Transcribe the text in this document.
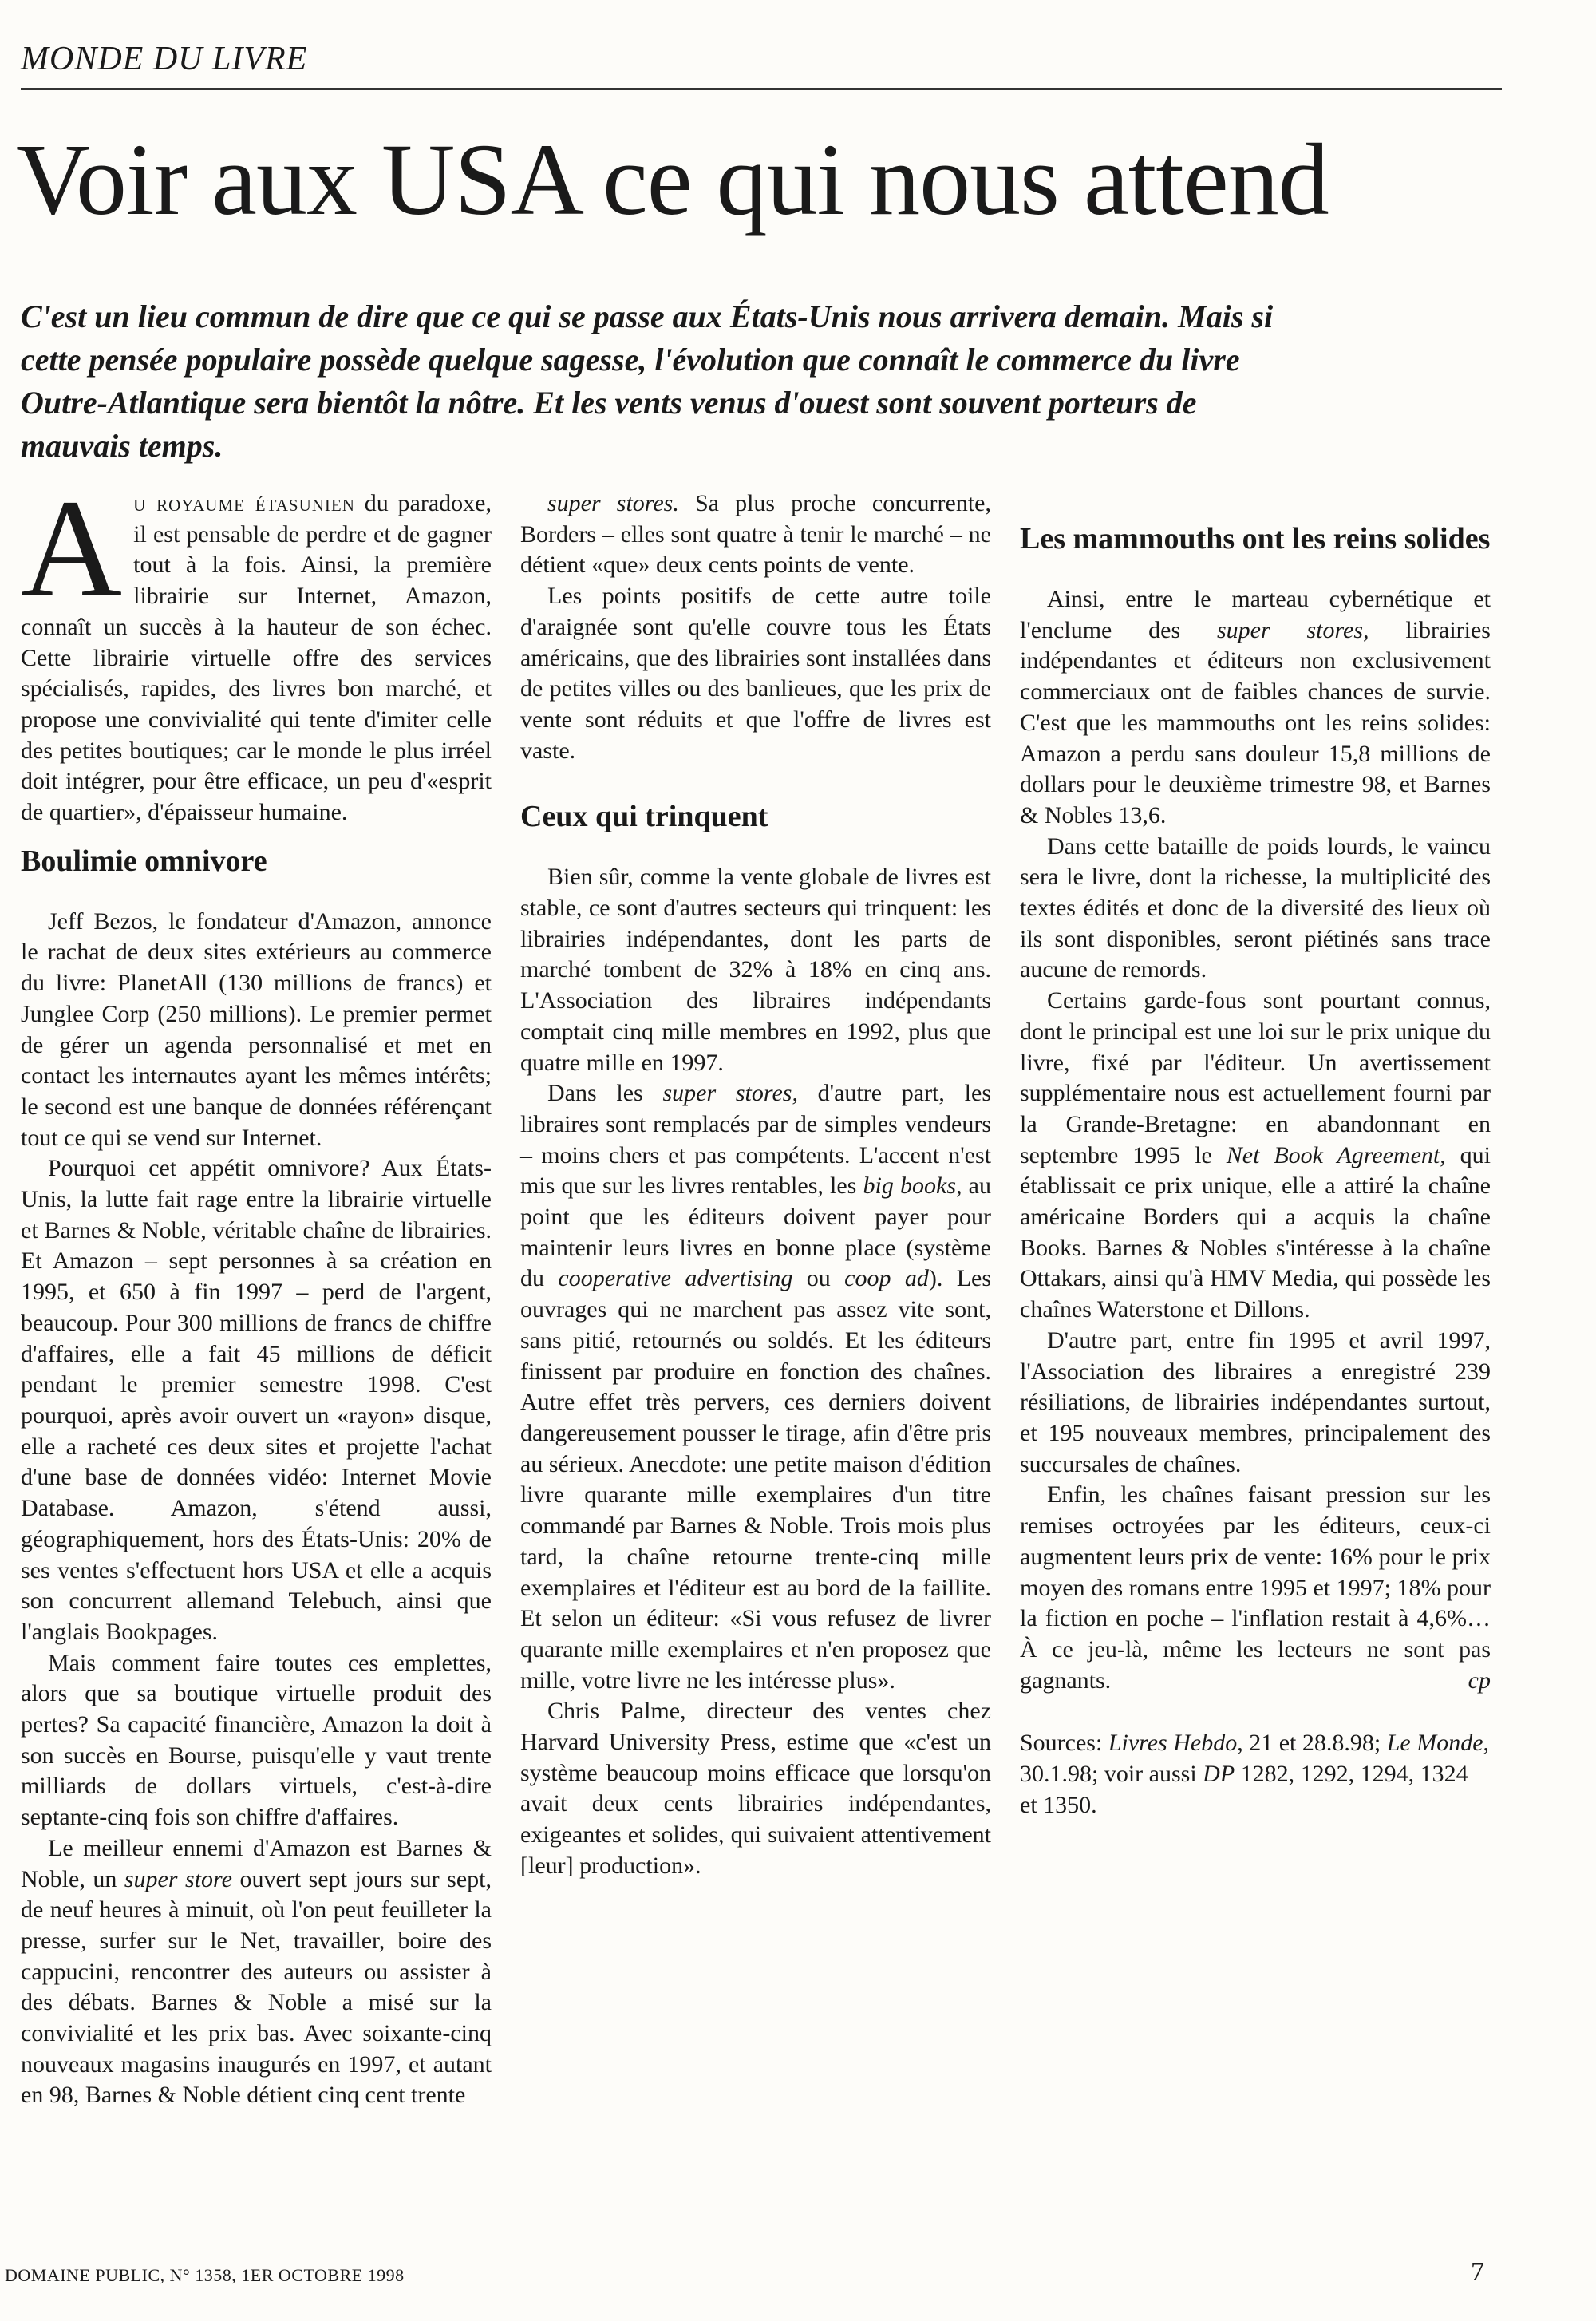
MONDE DU LIVRE
Voir aux USA ce qui nous attend

C'est un lieu commun de dire que ce qui se passe aux États-Unis nous arrivera demain. Mais si cette pensée populaire possède quelque sagesse, l'évolution que connaît le commerce du livre Outre-Atlantique sera bientôt la nôtre. Et les vents venus d'ouest sont souvent porteurs de mauvais temps.

Au royaume étasunien du paradoxe, il est pensable de perdre et de gagner tout à la fois. Ainsi, la première librairie sur Internet, Amazon, connaît un succès à la hauteur de son échec. Cette librairie virtuelle offre des services spécialisés, rapides, des livres bon marché, et propose une convivialité qui tente d'imiter celle des petites boutiques; car le monde le plus irréel doit intégrer, pour être efficace, un peu d'«esprit de quartier», d'épaisseur humaine.

Boulimie omnivore

Jeff Bezos, le fondateur d'Amazon, annonce le rachat de deux sites extérieurs au commerce du livre: PlanetAll (130 millions de francs) et Junglee Corp (250 millions). Le premier permet de gérer un agenda personnalisé et met en contact les internautes ayant les mêmes intérêts; le second est une banque de données référençant tout ce qui se vend sur Internet.

Pourquoi cet appétit omnivore? Aux États-Unis, la lutte fait rage entre la librairie virtuelle et Barnes & Noble, véritable chaîne de librairies. Et Amazon – sept personnes à sa création en 1995, et 650 à fin 1997 – perd de l'argent, beaucoup. Pour 300 millions de francs de chiffre d'affaires, elle a fait 45 millions de déficit pendant le premier semestre 1998. C'est pourquoi, après avoir ouvert un «rayon» disque, elle a racheté ces deux sites et projette l'achat d'une base de données vidéo: Internet Movie Database. Amazon, s'étend aussi, géographiquement, hors des États-Unis: 20% de ses ventes s'effectuent hors USA et elle a acquis son concurrent allemand Telebuch, ainsi que l'anglais Bookpages.

Mais comment faire toutes ces emplettes, alors que sa boutique virtuelle produit des pertes? Sa capacité financière, Amazon la doit à son succès en Bourse, puisqu'elle y vaut trente milliards de dollars virtuels, c'est-à-dire septante-cinq fois son chiffre d'affaires.

Le meilleur ennemi d'Amazon est Barnes & Noble, un super store ouvert sept jours sur sept, de neuf heures à minuit, où l'on peut feuilleter la presse, surfer sur le Net, travailler, boire des cappucini, rencontrer des auteurs ou assister à des débats. Barnes & Noble a misé sur la convivialité et les prix bas. Avec soixante-cinq nouveaux magasins inaugurés en 1997, et autant en 98, Barnes & Noble détient cinq cent trente

super stores. Sa plus proche concurrente, Borders – elles sont quatre à tenir le marché – ne détient «que» deux cents points de vente.

Les points positifs de cette autre toile d'araignée sont qu'elle couvre tous les États américains, que des librairies sont installées dans de petites villes ou des banlieues, que les prix de vente sont réduits et que l'offre de livres est vaste.

Ceux qui trinquent

Bien sûr, comme la vente globale de livres est stable, ce sont d'autres secteurs qui trinquent: les librairies indépendantes, dont les parts de marché tombent de 32% à 18% en cinq ans. L'Association des libraires indépendants comptait cinq mille membres en 1992, plus que quatre mille en 1997.

Dans les super stores, d'autre part, les libraires sont remplacés par de simples vendeurs – moins chers et pas compétents. L'accent n'est mis que sur les livres rentables, les big books, au point que les éditeurs doivent payer pour maintenir leurs livres en bonne place (système du cooperative advertising ou coop ad). Les ouvrages qui ne marchent pas assez vite sont, sans pitié, retournés ou soldés. Et les éditeurs finissent par produire en fonction des chaînes. Autre effet très pervers, ces derniers doivent dangereusement pousser le tirage, afin d'être pris au sérieux. Anecdote: une petite maison d'édition livre quarante mille exemplaires d'un titre commandé par Barnes & Noble. Trois mois plus tard, la chaîne retourne trente-cinq mille exemplaires et l'éditeur est au bord de la faillite. Et selon un éditeur: «Si vous refusez de livrer quarante mille exemplaires et n'en proposez que mille, votre livre ne les intéresse plus».

Chris Palme, directeur des ventes chez Harvard University Press, estime que «c'est un système beaucoup moins efficace que lorsqu'on avait deux cents librairies indépendantes, exigeantes et solides, qui suivaient attentivement [leur] production».

Les mammouths ont les reins solides

Ainsi, entre le marteau cybernétique et l'enclume des super stores, librairies indépendantes et éditeurs non exclusivement commerciaux ont de faibles chances de survie. C'est que les mammouths ont les reins solides: Amazon a perdu sans douleur 15,8 millions de dollars pour le deuxième trimestre 98, et Barnes & Nobles 13,6.

Dans cette bataille de poids lourds, le vaincu sera le livre, dont la richesse, la multiplicité des textes édités et donc de la diversité des lieux où ils sont disponibles, seront piétinés sans trace aucune de remords.

Certains garde-fous sont pourtant connus, dont le principal est une loi sur le prix unique du livre, fixé par l'éditeur. Un avertissement supplémentaire nous est actuellement fourni par la Grande-Bretagne: en abandonnant en septembre 1995 le Net Book Agreement, qui établissait ce prix unique, elle a attiré la chaîne américaine Borders qui a acquis la chaîne Books. Barnes & Nobles s'intéresse à la chaîne Ottakars, ainsi qu'à HMV Media, qui possède les chaînes Waterstone et Dillons.

D'autre part, entre fin 1995 et avril 1997, l'Association des libraires a enregistré 239 résiliations, de librairies indépendantes surtout, et 195 nouveaux membres, principalement des succursales de chaînes.

Enfin, les chaînes faisant pression sur les remises octroyées par les éditeurs, ceux-ci augmentent leurs prix de vente: 16% pour le prix moyen des romans entre 1995 et 1997; 18% pour la fiction en poche – l'inflation restait à 4,6%… À ce jeu-là, même les lecteurs ne sont pas gagnants.	cp

Sources: Livres Hebdo, 21 et 28.8.98; Le Monde, 30.1.98; voir aussi DP 1282, 1292, 1294, 1324 et 1350.

DOMAINE PUBLIC, N° 1358, 1ER OCTOBRE 1998	7
